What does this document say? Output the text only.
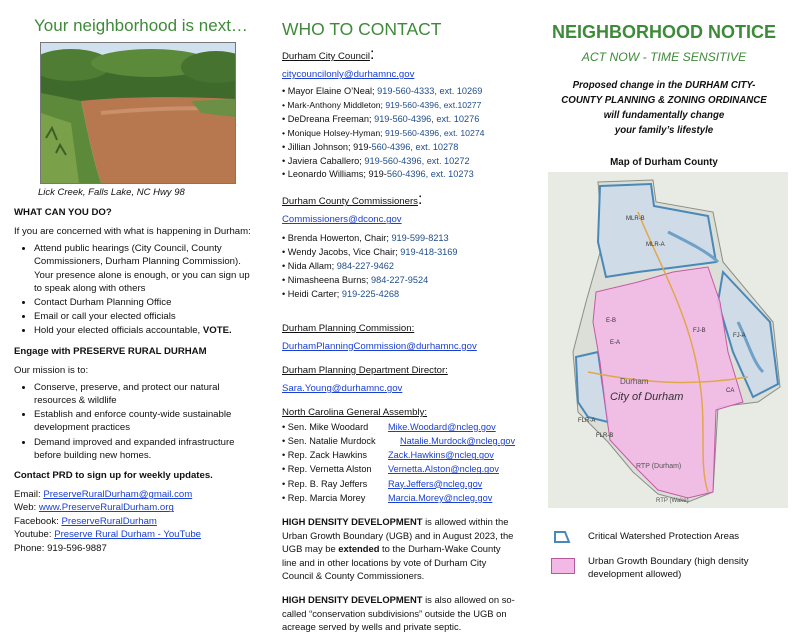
Your neighborhood is next…
Lick Creek, Falls Lake, NC Hwy 98
WHAT CAN YOU DO?
If you are concerned with what is happening in Durham:
• Attend public hearings (City Council, County Commissioners, Durham Planning Commission). Your presence alone is enough, or you can sign up to speak along with others
• Contact Durham Planning Office
• Email or call your elected officials
• Hold your elected officials accountable, VOTE.
Engage with PRESERVE RURAL DURHAM
Our mission is to:
• Conserve, preserve, and protect our natural resources & wildlife
• Establish and enforce county-wide sustainable development practices
• Demand improved and expanded infrastructure before building new homes.
Contact PRD to sign up for weekly updates.
Email: PreserveRuralDurham@gmail.com
Web: www.PreserveRuralDurham.org
Facebook: PreserveRuralDurham
Youtube: Preserve Rural Durham - YouTube
Phone: 919-596-9887
WHO TO CONTACT
Durham City Council:
citycouncilonly@durhamnc.gov
• Mayor Elaine O’Neal; 919-560-4333, ext. 10269
• Mark-Anthony Middleton; 919-560-4396, ext.10277
• DeDreana Freeman; 919-560-4396, ext. 10276
• Monique Holsey-Hyman; 919-560-4396, ext. 10274
• Jillian Johnson; 919-560-4396, ext. 10278
• Javiera Caballero; 919-560-4396, ext. 10272
• Leonardo Williams; 919-560-4396, ext. 10273
Durham County Commissioners:
Commissioners@dconc.gov
• Brenda Howerton, Chair; 919-599-8213
• Wendy Jacobs, Vice Chair; 919-418-3169
• Nida Allam; 984-227-9462
• Nimasheena Burns; 984-227-9524
• Heidi Carter; 919-225-4268
Durham Planning Commission:
DurhamPlanningCommission@durhamnc.gov
Durham Planning Department Director:
Sara.Young@durhamnc.gov
North Carolina General Assembly:
• Sen. Mike Woodard Mike.Woodard@ncleg.gov
• Sen. Natalie Murdock	Natalie.Murdock@ncleg.gov
• Rep. Zack Hawkins Zack.Hawkins@ncleg.gov
• Rep. Vernetta Alston Vernetta.Alston@ncleg.gov
• Rep. B. Ray Jeffers Ray.Jeffers@ncleg.gov
• Rep. Marcia Morey Marcia.Morey@ncleg.gov
HIGH DENSITY DEVELOPMENT is allowed within the Urban Growth Boundary (UGB) and in August 2023, the UGB may be extended to the Durham-Wake County line and in other locations by vote of Durham City Council & County Commissioners.
HIGH DENSITY DEVELOPMENT is also allowed on so-called “conservation subdivisions” outside the UGB on acreage served by wells and private septic.
NEIGHBORHOOD NOTICE
ACT NOW - TIME SENSITIVE
Proposed change in the DURHAM CITY-
COUNTY PLANNING & ZONING ORDINANCE
will fundamentally change
your family’s lifestyle
Map of Durham County
MLR-B
MLR-A
FJ-A
FJ-B
E-B
E-A
FLR-A
FLR-B
CA
Durham
City of Durham
RTP (Durham)
RTP (Wake)
Critical Watershed Protection Areas
Urban Growth Boundary (high density
development allowed)
